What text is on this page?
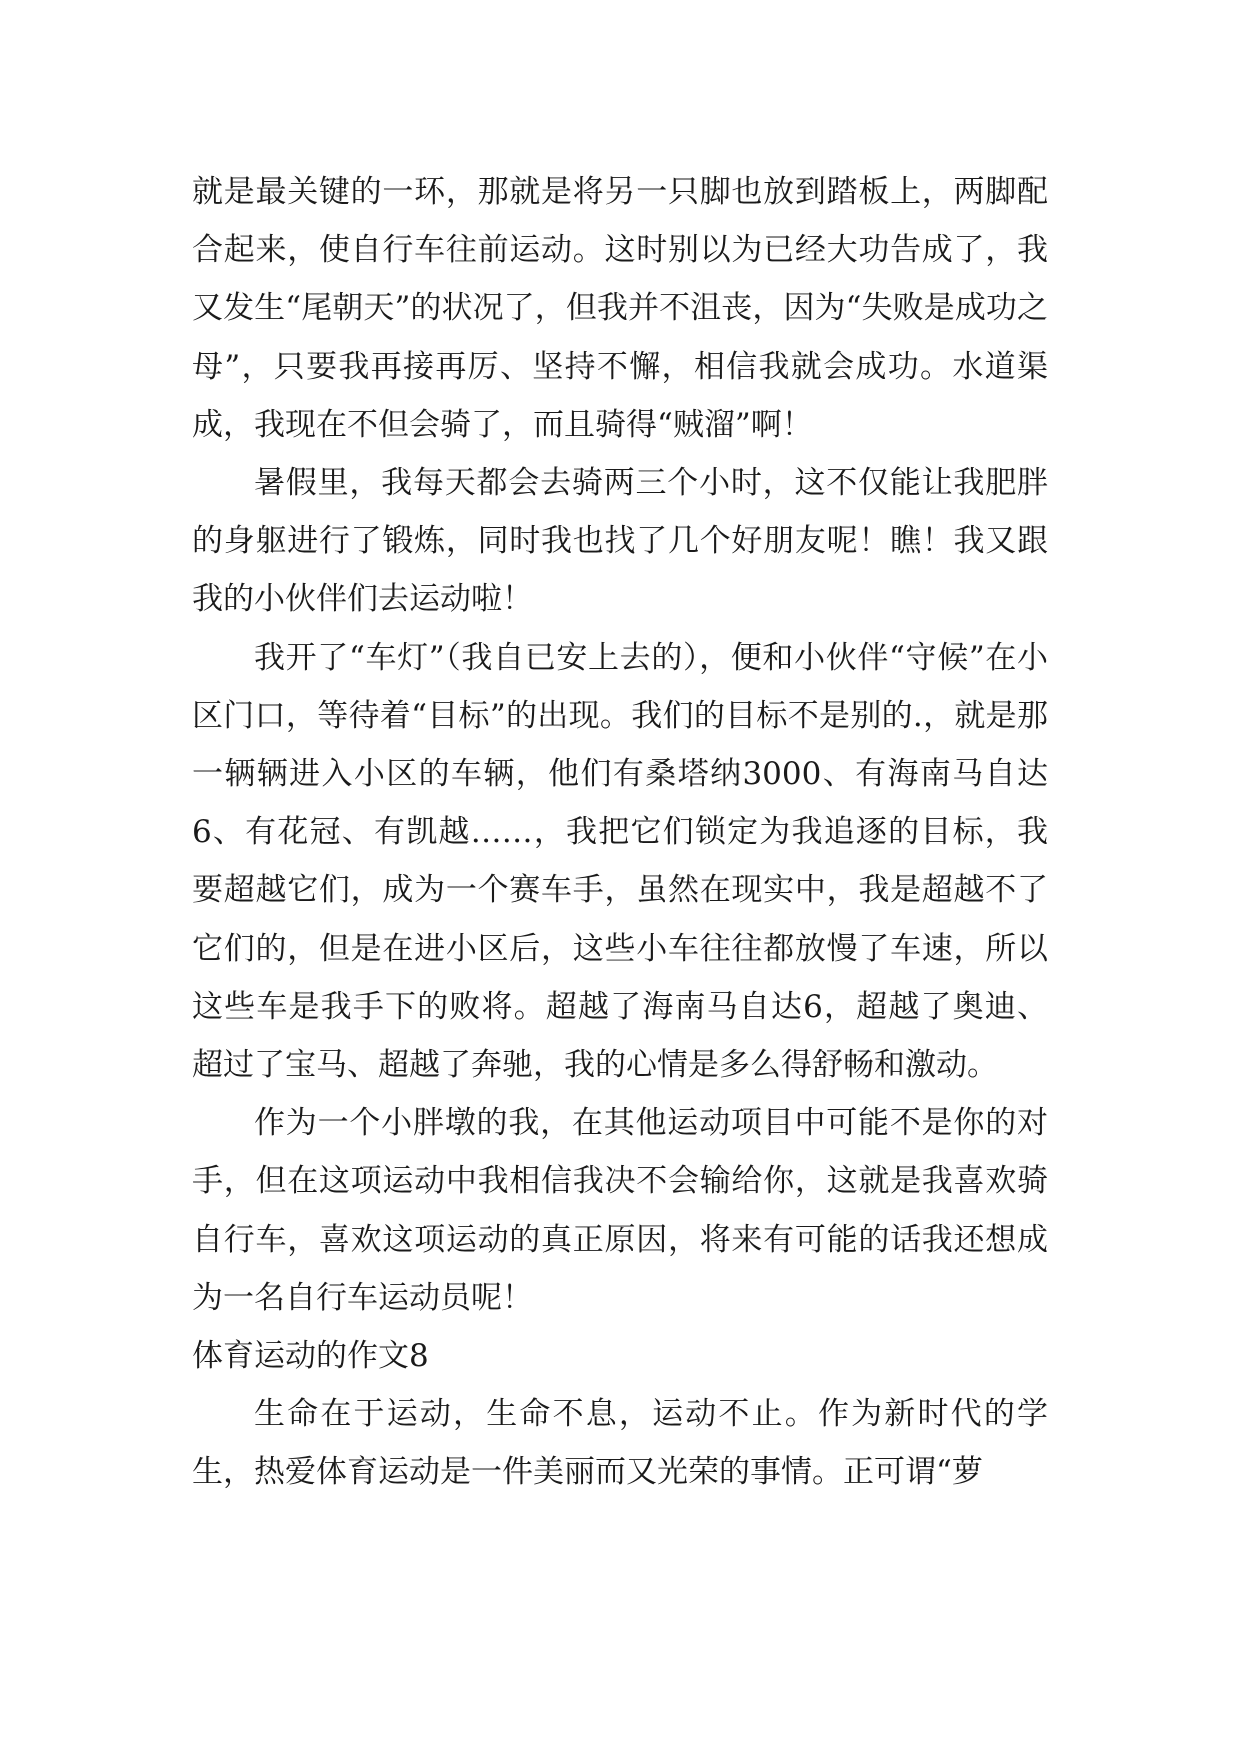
就是最关键的一环，那就是将另一只脚也放到踏板上，两脚配合起来，使自行车往前运动。这时别以为已经大功告成了，我又发生“尾朝天”的状况了，但我并不沮丧，因为“失败是成功之母”，只要我再接再厉、坚持不懈，相信我就会成功。水道渠成，我现在不但会骑了，而且骑得“贼溜”啊！

暑假里，我每天都会去骑两三个小时，这不仅能让我肥胖的身躯进行了锻炼，同时我也找了几个好朋友呢！瞧！我又跟我的小伙伴们去运动啦！

我开了“车灯”（我自已安上去的），便和小伙伴“守候”在小区门口，等待着“目标”的出现。我们的目标不是别的.，就是那一辆辆进入小区的车辆，他们有桑塔纳3000、有海南马自达6、有花冠、有凯越……，我把它们锁定为我追逐的目标，我要超越它们，成为一个赛车手，虽然在现实中，我是超越不了它们的，但是在进小区后，这些小车往往都放慢了车速，所以这些车是我手下的败将。超越了海南马自达6，超越了奥迪、超过了宝马、超越了奔驰，我的心情是多么得舒畅和激动。

作为一个小胖墩的我，在其他运动项目中可能不是你的对手，但在这项运动中我相信我决不会输给你，这就是我喜欢骑自行车，喜欢这项运动的真正原因，将来有可能的话我还想成为一名自行车运动员呢！

体育运动的作文8

生命在于运动，生命不息，运动不止。作为新时代的学生，热爱体育运动是一件美丽而又光荣的事情。正可谓“萝
